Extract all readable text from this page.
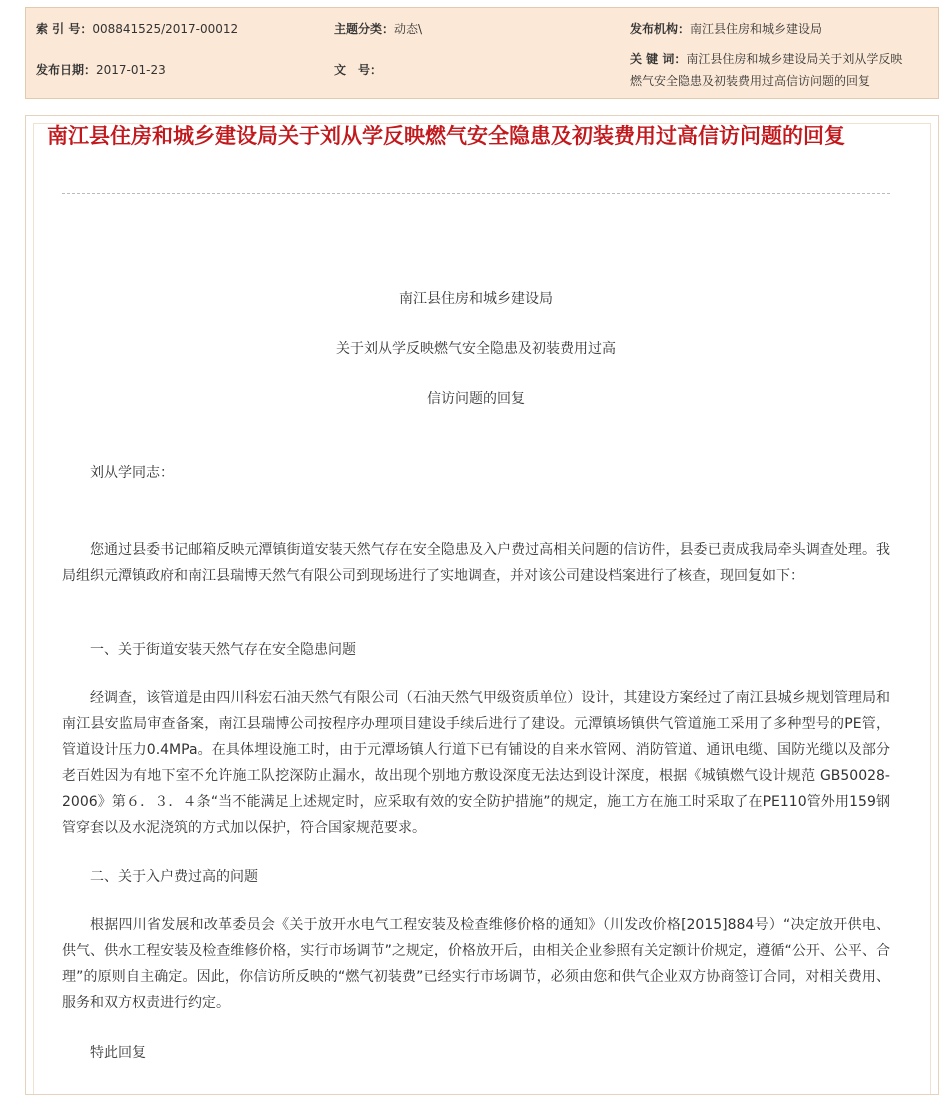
索 引 号：008841525/2017-00012	主题分类：动态\	发布机构：南江县住房和城乡建设局
发布日期：2017-01-23	文　号：
关 键 词：南江县住房和城乡建设局关于刘从学反映
燃气安全隐患及初装费用过高信访问题的回复
南江县住房和城乡建设局关于刘从学反映燃气安全隐患及初装费用过高信访问题的回复
南江县住房和城乡建设局
关于刘从学反映燃气安全隐患及初装费用过高
信访问题的回复

刘从学同志：

您通过县委书记邮箱反映元潭镇街道安装天然气存在安全隐患及入户费过高相关问题的信访件，县委已责成我局牵头调查处理。我局组织元潭镇政府和南江县瑞博天然气有限公司到现场进行了实地调查，并对该公司建设档案进行了核查，现回复如下：

一、关于街道安装天然气存在安全隐患问题

经调查，该管道是由四川科宏石油天然气有限公司（石油天然气甲级资质单位）设计，其建设方案经过了南江县城乡规划管理局和南江县安监局审查备案，南江县瑞博公司按程序办理项目建设手续后进行了建设。元潭镇场镇供气管道施工采用了多种型号的PE管，管道设计压力0.4MPa。在具体埋设施工时，由于元潭场镇人行道下已有铺设的自来水管网、消防管道、通讯电缆、国防光缆以及部分老百姓因为有地下室不允许施工队挖深防止漏水，故出现个别地方敷设深度无法达到设计深度，根据《城镇燃气设计规范 GB50028-2006》第６．３．４条“当不能满足上述规定时，应采取有效的安全防护措施”的规定，施工方在施工时采取了在PE110管外用159钢管穿套以及水泥浇筑的方式加以保护，符合国家规范要求。

二、关于入户费过高的问题

根据四川省发展和改革委员会《关于放开水电气工程安装及检查维修价格的通知》（川发改价格[2015]884号）“决定放开供电、供气、供水工程安装及检查维修价格，实行市场调节”之规定，价格放开后，由相关企业参照有关定额计价规定，遵循“公开、公平、合理”的原则自主确定。因此，你信访所反映的“燃气初装费”已经实行市场调节，必须由您和供气企业双方协商签订合同，对相关费用、服务和双方权责进行约定。

特此回复
